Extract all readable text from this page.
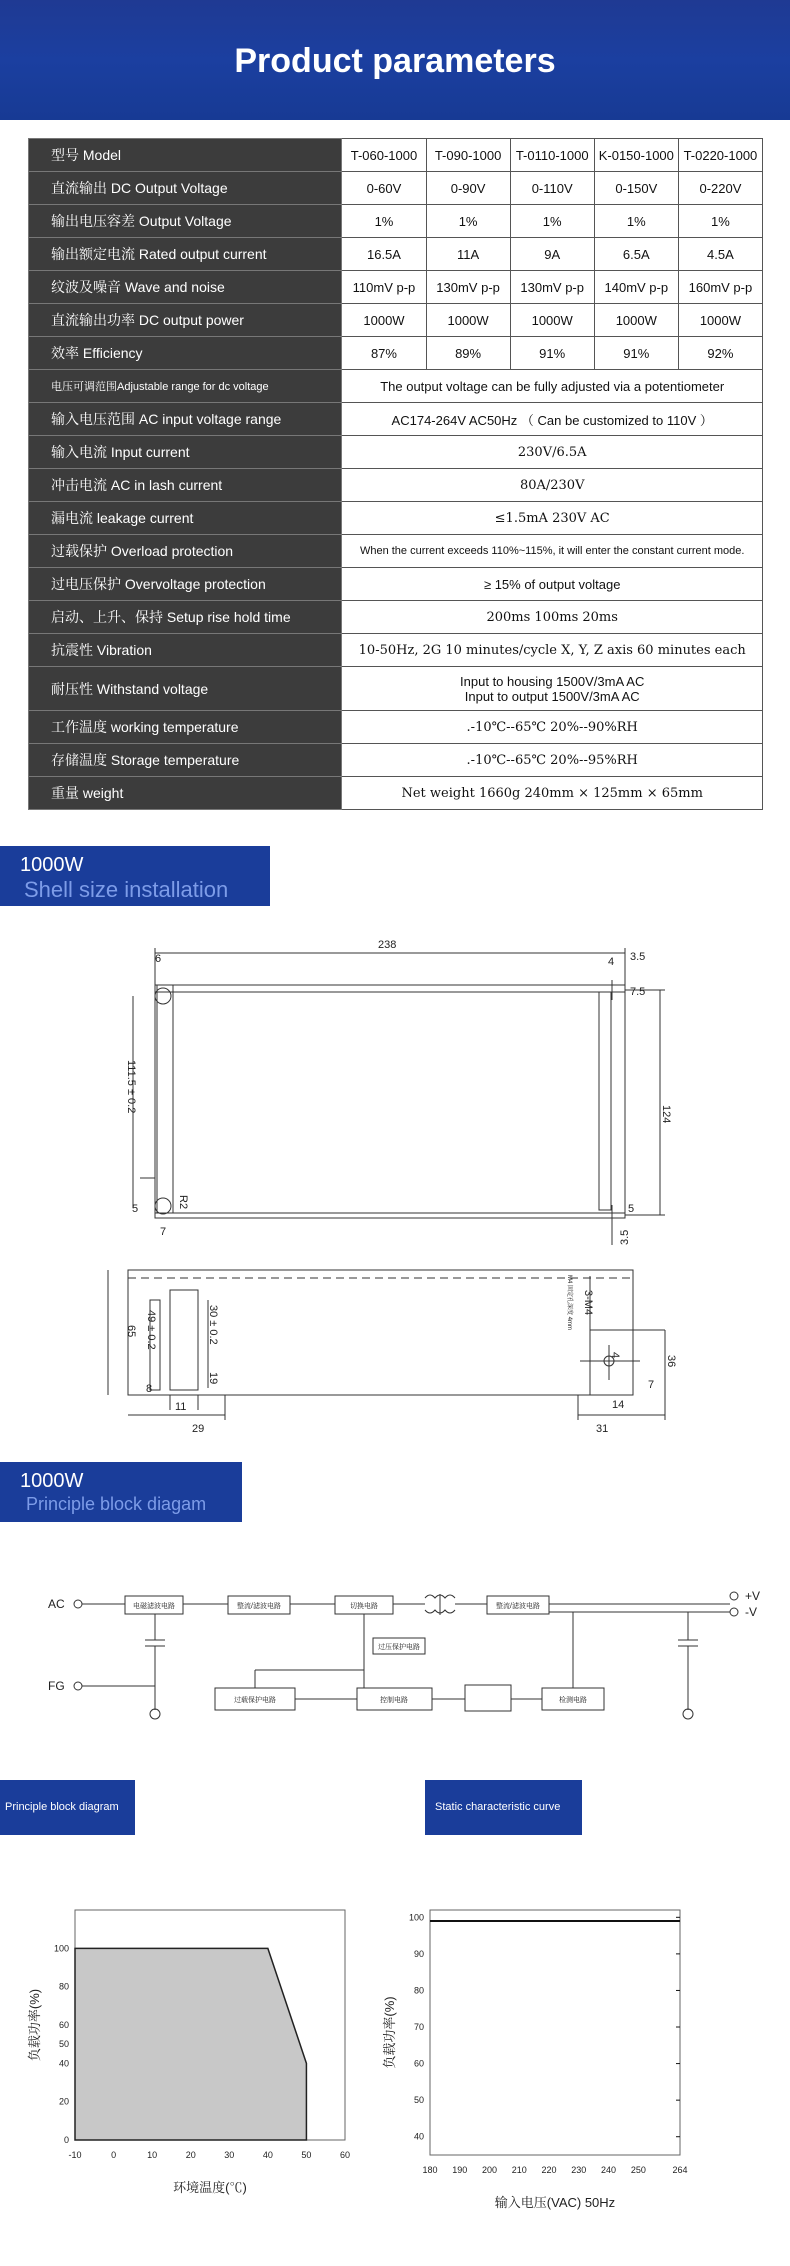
Product parameters
型号 Model	T-060-1000	T-090-1000	T-0110-1000	K-0150-1000	T-0220-1000
直流输出 DC Output Voltage	0-60V	0-90V	0-110V	0-150V	0-220V
输出电压容差 Output Voltage	1%	1%	1%	1%	1%
输出额定电流 Rated output current	16.5A	11A	9A	6.5A	4.5A
纹波及噪音 Wave and noise	110mV p-p	130mV p-p	130mV p-p	140mV p-p	160mV p-p
直流输出功率 DC output power	1000W	1000W	1000W	1000W	1000W
效率 Efficiency	87%	89%	91%	91%	92%
电压可调范围Adjustable range for dc voltage	The output voltage can be fully adjusted via a potentiometer				
输入电压范围 AC input voltage range	AC174-264V AC50Hz （ Can be customized to 110V ）				
输入电流 Input current	230V/6.5A				
冲击电流 AC in lash current	80A/230V				
漏电流 leakage current	≤1.5mA 230V AC				
过载保护 Overload protection	When the current exceeds 110%~115%, it will enter the constant current mode.				
过电压保护 Overvoltage protection	≥ 15% of output voltage				
启动、上升、保持 Setup rise hold time	200ms 100ms 20ms				
抗震性 Vibration	10-50Hz, 2G 10 minutes/cycle X, Y, Z axis 60 minutes each				
耐压性 Withstand voltage	Input to housing 1500V/3mA AC
Input to output 1500V/3mA AC				

工作温度 working temperature	.-10℃--65℃ 20%--90%RH				
存储温度 Storage temperature	.-10℃--65℃ 20%--95%RH				
重量 weight	Net weight 1660g 240mm × 125mm × 65mm				
1000W
Shell size installation
238
6	4 3.5
7.5
111.5 ± 0.2
124
R2
5
7
5
3.5
49 ± 0.2	30 ± 0.2
65
19
8
11
29
3-M4
M4 固定孔深度 4mm
4	36
7
14
31
1000W
Principle block diagam
AC
FG
+V
-V
电磁滤波电路	整流/滤波电路	切换电路	整流/滤波电路
过压保护电路
过载保护电路	控制电路	检测电路
Principle block diagram	Static characteristic curve
-10	0	10	20	30	40	50	60
0
20
40
50
60
80
100
环境温度(℃)
负载功率(%)
180 190 200 210 220 230 240 250	264
40
50
60
70
80
90
100
输入电压(VAC) 50Hz
负载功率(%)
